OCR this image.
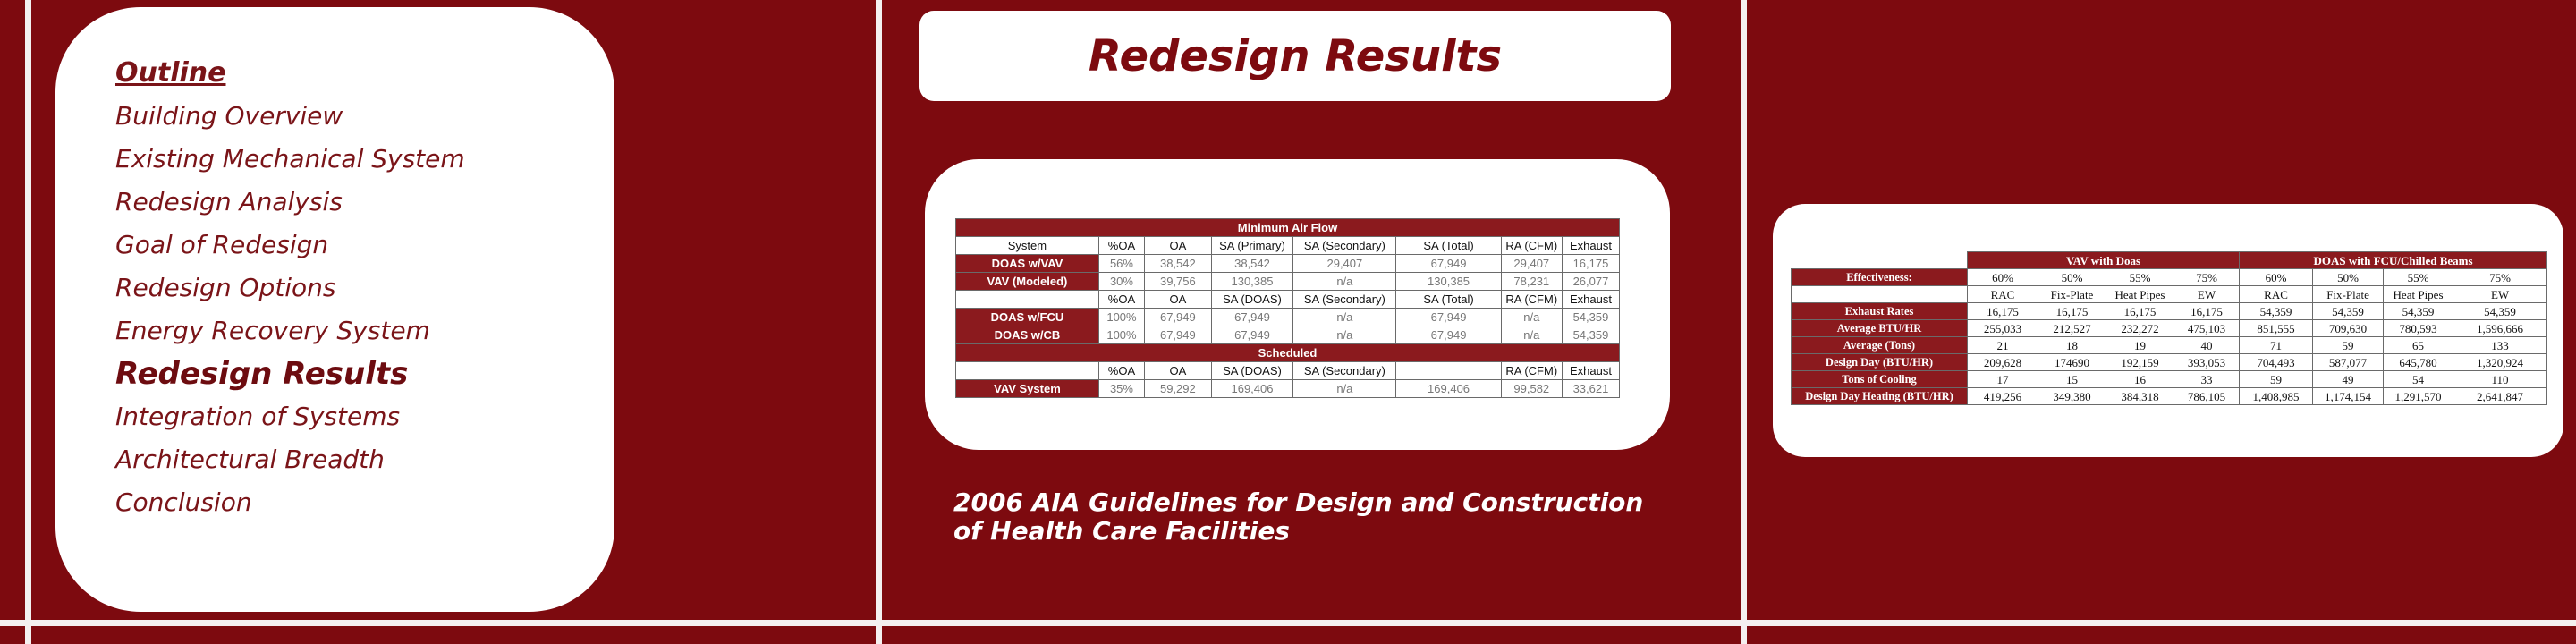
Outline
Building Overview
Existing Mechanical System
Redesign Analysis
Goal of Redesign
Redesign Options
Energy Recovery System
Redesign Results
Integration of Systems
Architectural Breadth
Conclusion
Redesign Results
Minimum Air Flow							
System	%OA	OA	SA (Primary)	SA (Secondary)	SA (Total)	RA (CFM)	Exhaust
DOAS w/VAV	56%	38,542	38,542	29,407	67,949	29,407	16,175
VAV (Modeled)	30%	39,756	130,385	n/a	130,385	78,231	26,077
	%OA	OA	SA (DOAS)	SA (Secondary)	SA (Total)	RA (CFM)	Exhaust
DOAS w/FCU	100%	67,949	67,949	n/a	67,949	n/a	54,359
DOAS w/CB	100%	67,949	67,949	n/a	67,949	n/a	54,359
Scheduled							
	%OA	OA	SA (DOAS)	SA (Secondary)		RA (CFM)	Exhaust
VAV System	35%	59,292	169,406	n/a	169,406	99,582	33,621
	VAV with Doas				DOAS with FCU/Chilled Beams			
Effectiveness:	60%	50%	55%	75%	60%	50%	55%	75%
	RAC	Fix-Plate	Heat Pipes	EW	RAC	Fix-Plate	Heat Pipes	EW
Exhaust Rates	16,175	16,175	16,175	16,175	54,359	54,359	54,359	54,359
Average BTU/HR	255,033	212,527	232,272	475,103	851,555	709,630	780,593	1,596,666
Average (Tons)	21	18	19	40	71	59	65	133
Design Day (BTU/HR)	209,628	174690	192,159	393,053	704,493	587,077	645,780	1,320,924
Tons of Cooling	17	15	16	33	59	49	54	110
Design Day Heating (BTU/HR)	419,256	349,380	384,318	786,105	1,408,985	1,174,154	1,291,570	2,641,847
2006 AIA Guidelines for Design and Construction of Health Care Facilities
